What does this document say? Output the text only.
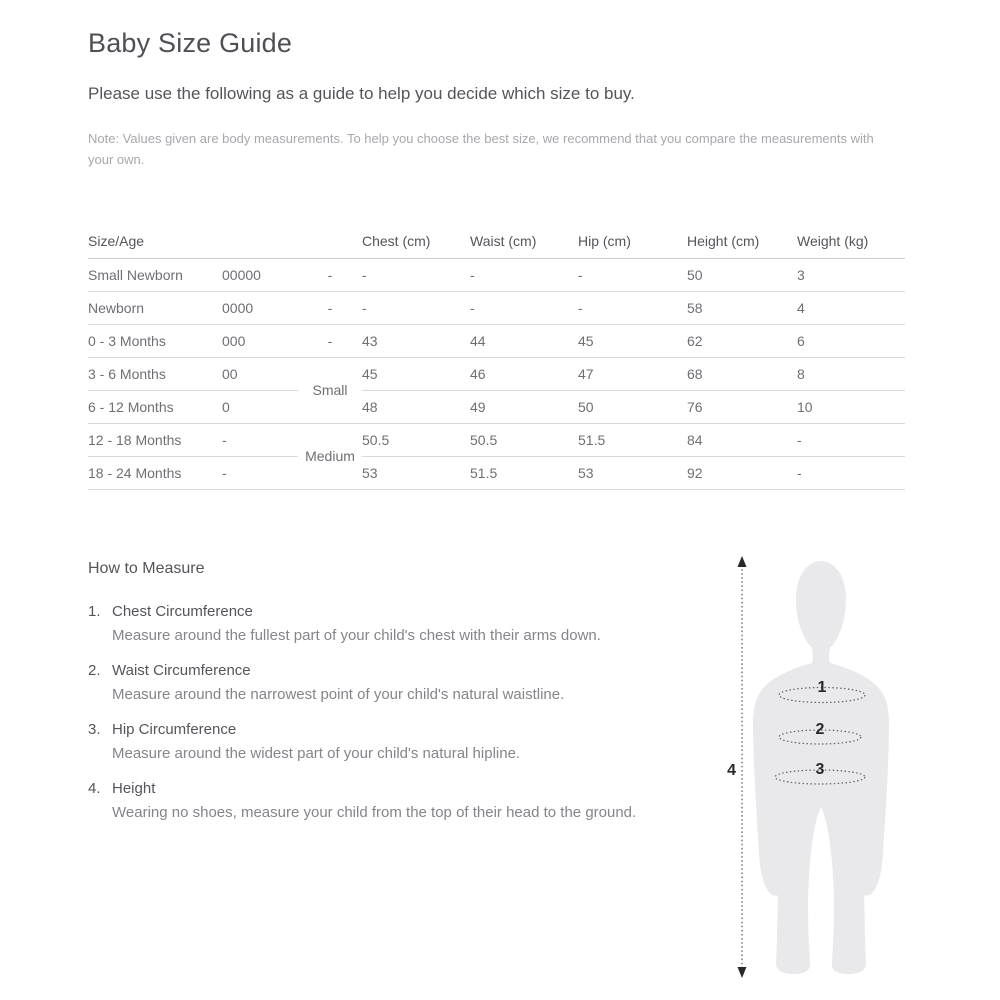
Baby Size Guide

Please use the following as a guide to help you decide which size to buy.

Note: Values given are body measurements. To help you choose the best size, we recommend that you compare the measurements with your own.

Size/Age			Chest (cm)	Waist (cm)	Hip (cm)	Height (cm)	Weight (kg)
Small Newborn	00000	-	-	-	-	50	3
Newborn	0000	-	-	-	-	58	4
0 - 3 Months	000	-	43	44	45	62	6
3 - 6 Months	00	Small	45	46	47	68	8
6 - 12 Months	0		48	49	50	76	10
12 - 18 Months	-	Medium	50.5	50.5	51.5	84	-
18 - 24 Months	-		53	51.5	53	92	-
How to Measure
1. Chest Circumference
Measure around the fullest part of your child's chest with their arms down.
2. Waist Circumference
Measure around the narrowest point of your child's natural waistline.
3. Hip Circumference
Measure around the widest part of your child's natural hipline.
4. Height
Wearing no shoes, measure your child from the top of their head to the ground.
1
2
3
4
